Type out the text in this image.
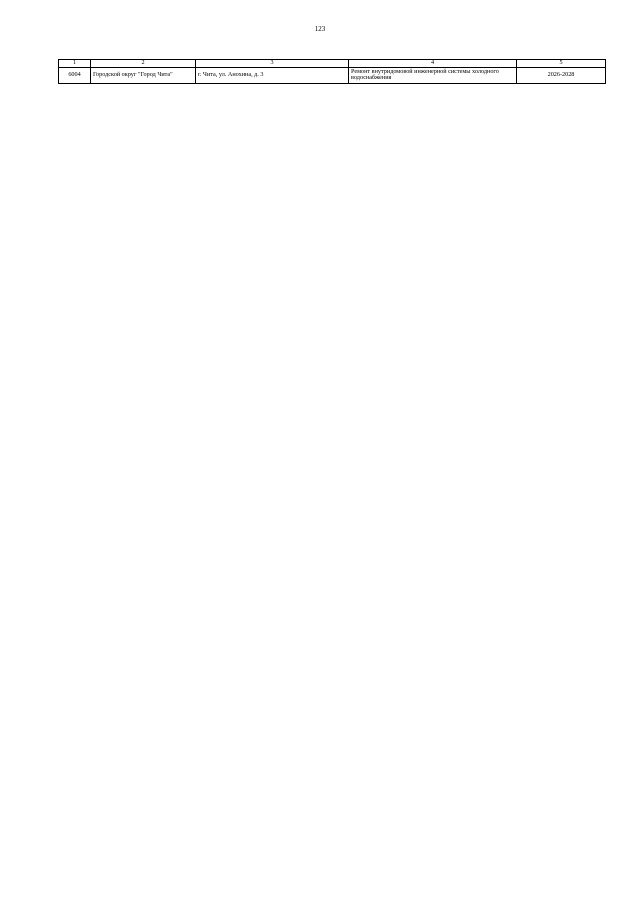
123
1	2	3	4	5
6004	Городской округ "Город Чита"	г. Чита, ул. Анохина, д. 3	Ремонт внутридомовой инженерной системы холодного водоснабжения	2026-2028
